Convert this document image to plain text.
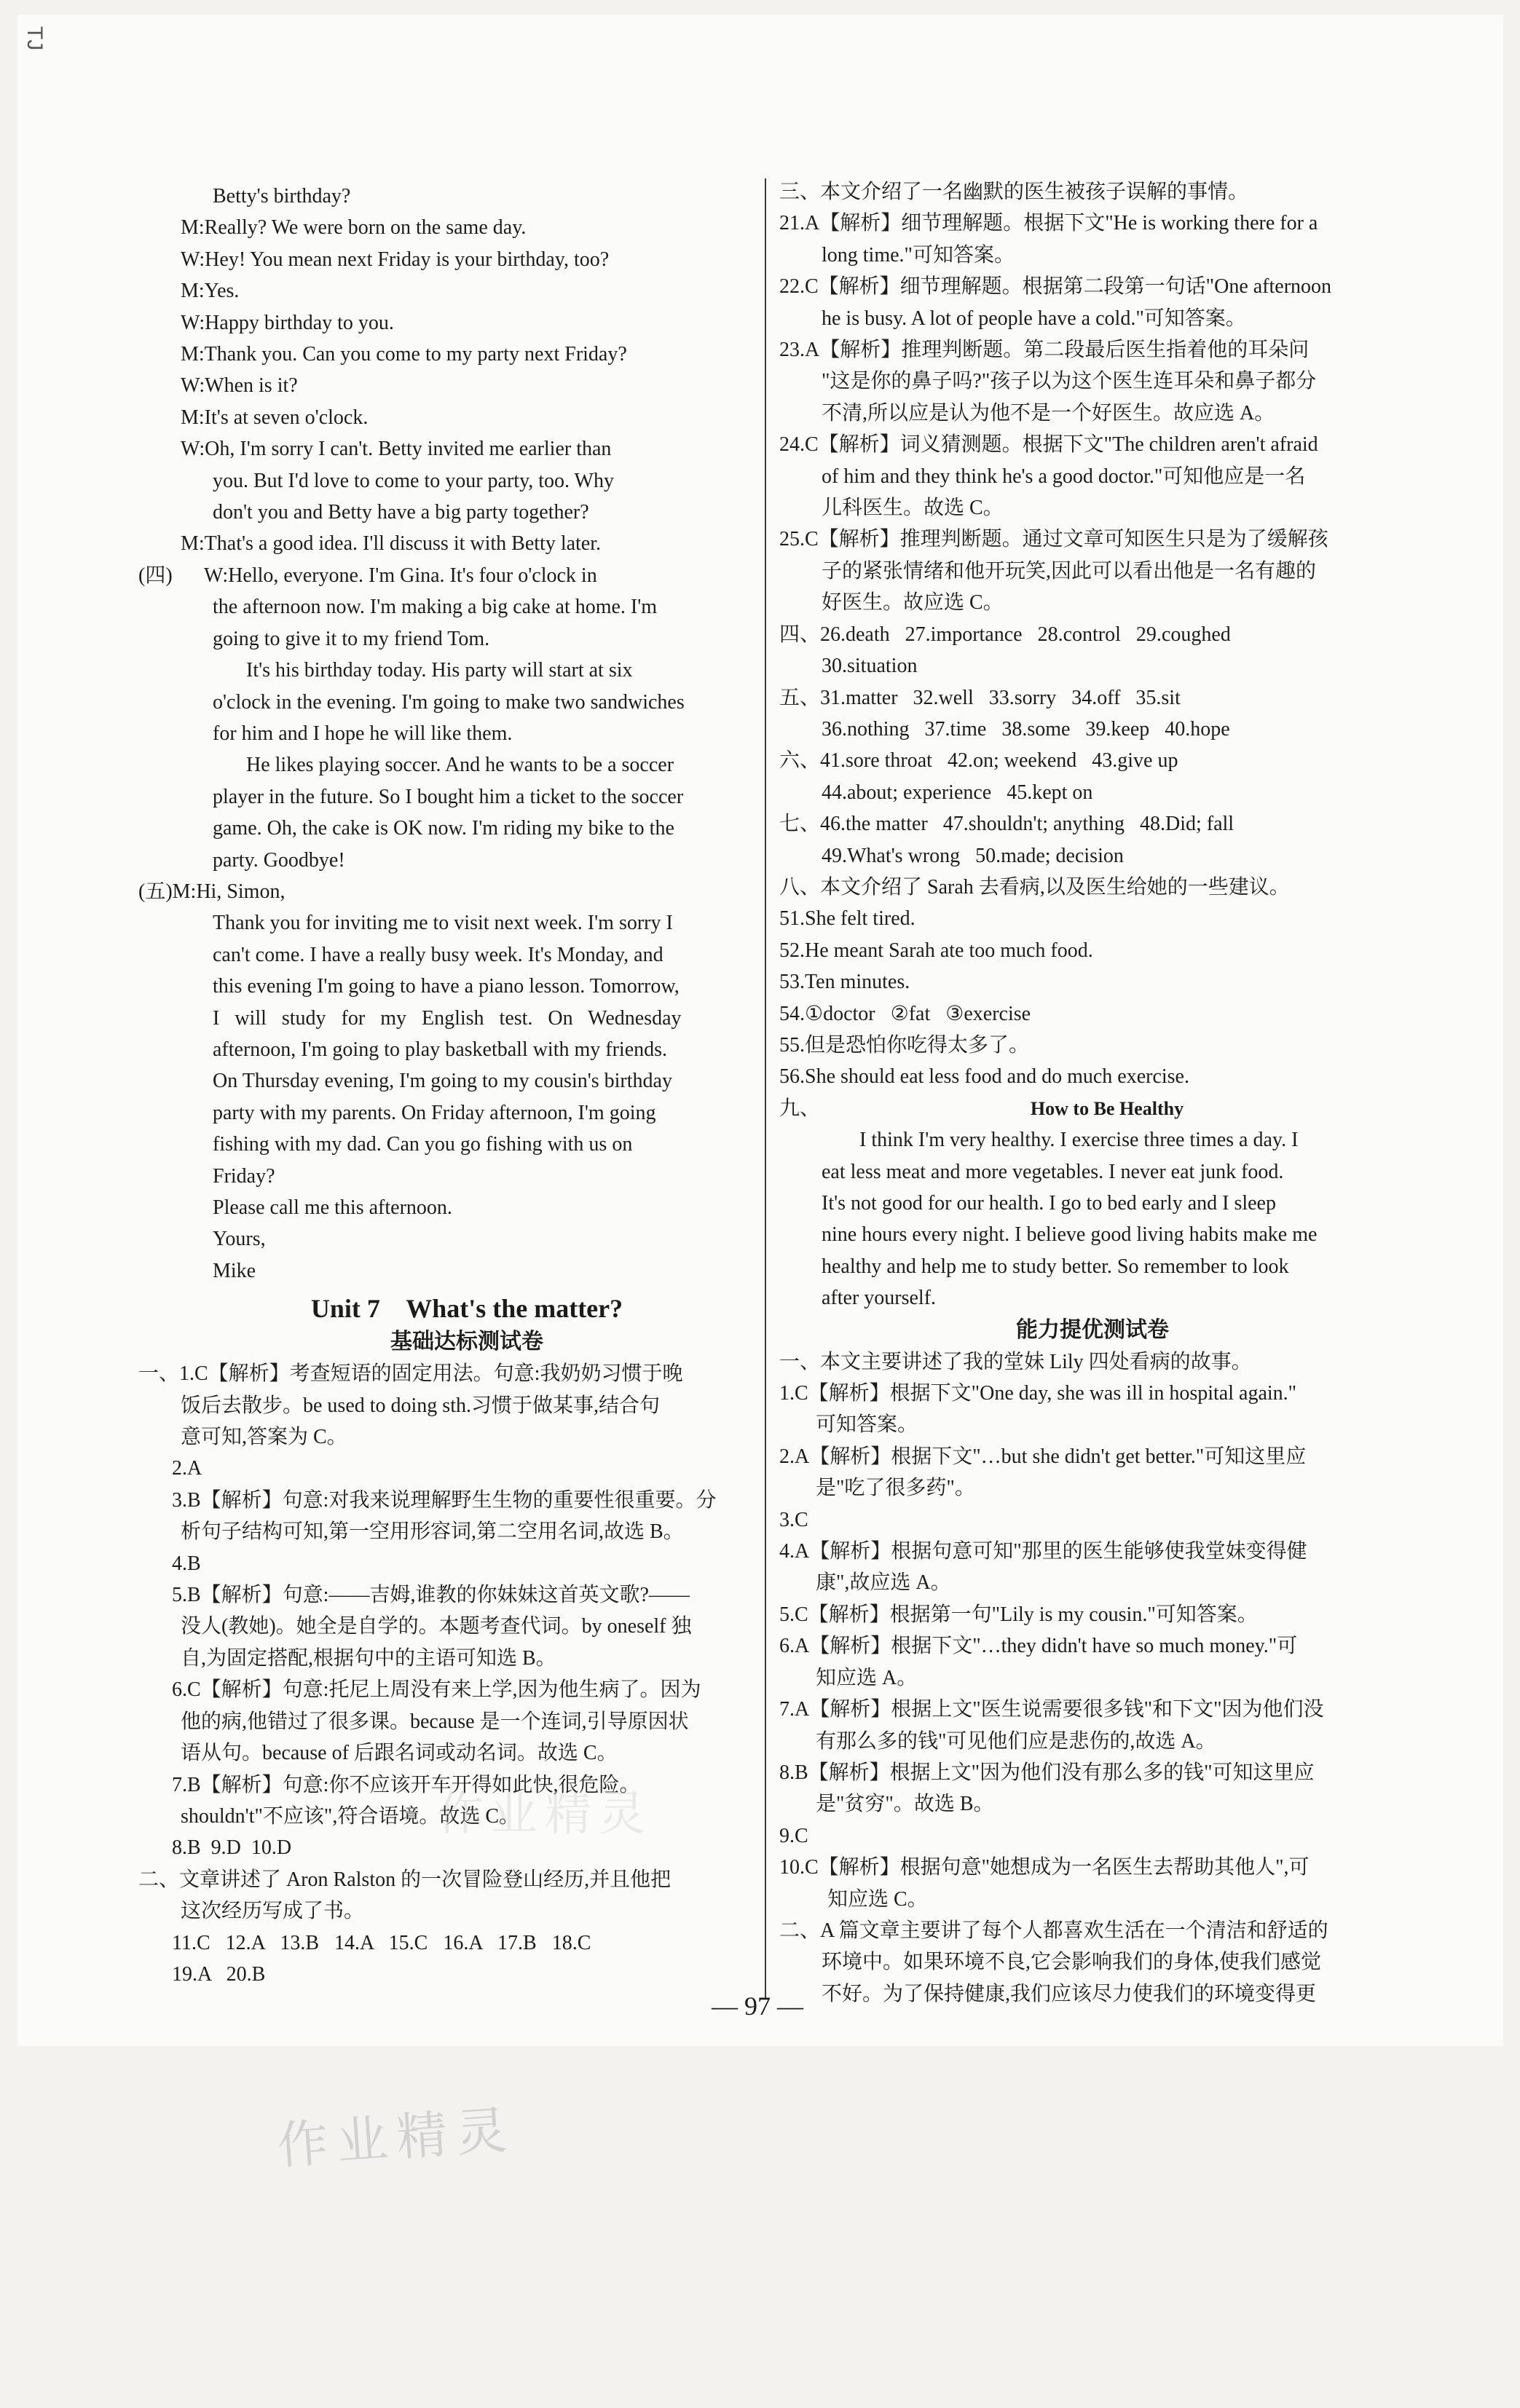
TJ
Betty's birthday?
M:Really? We were born on the same day.
W:Hey! You mean next Friday is your birthday, too?
M:Yes.
W:Happy birthday to you.
M:Thank you. Can you come to my party next Friday?
W:When is it?
M:It's at seven o'clock.
W:Oh, I'm sorry I can't. Betty invited me earlier than
you. But I'd love to come to your party, too. Why
don't you and Betty have a big party together?
M:That's a good idea. I'll discuss it with Betty later.
(四) W:Hello, everyone. I'm Gina. It's four o'clock in
the afternoon now. I'm making a big cake at home. I'm
going to give it to my friend Tom.
It's his birthday today. His party will start at six
o'clock in the evening. I'm going to make two sandwiches
for him and I hope he will like them.
He likes playing soccer. And he wants to be a soccer
player in the future. So I bought him a ticket to the soccer
game. Oh, the cake is OK now. I'm riding my bike to the
party. Goodbye!
(五)M:Hi, Simon,
Thank you for inviting me to visit next week. I'm sorry I
can't come. I have a really busy week. It's Monday, and
this evening I'm going to have a piano lesson. Tomorrow,
I   will   study   for   my   English   test.   On   Wednesday
afternoon, I'm going to play basketball with my friends.
On Thursday evening, I'm going to my cousin's birthday
party with my parents. On Friday afternoon, I'm going
fishing with my dad. Can you go fishing with us on
Friday?
Please call me this afternoon.
Yours,
Mike
Unit 7    What's the matter?
基础达标测试卷
一、1.C【解析】考查短语的固定用法。句意:我奶奶习惯于晚
饭后去散步。be used to doing sth.习惯于做某事,结合句
意可知,答案为 C。
2.A
3.B【解析】句意:对我来说理解野生生物的重要性很重要。分
析句子结构可知,第一空用形容词,第二空用名词,故选 B。
4.B
5.B【解析】句意:——吉姆,谁教的你妹妹这首英文歌?——
没人(教她)。她全是自学的。本题考查代词。by oneself 独
自,为固定搭配,根据句中的主语可知选 B。
6.C【解析】句意:托尼上周没有来上学,因为他生病了。因为
他的病,他错过了很多课。because 是一个连词,引导原因状
语从句。because of 后跟名词或动名词。故选 C。
7.B【解析】句意:你不应该开车开得如此快,很危险。
shouldn't"不应该",符合语境。故选 C。
8.B  9.D  10.D
二、文章讲述了 Aron Ralston 的一次冒险登山经历,并且他把
这次经历写成了书。
11.C   12.A   13.B   14.A   15.C   16.A   17.B   18.C
19.A   20.B
三、本文介绍了一名幽默的医生被孩子误解的事情。
21.A【解析】细节理解题。根据下文"He is working there for a
long time."可知答案。
22.C【解析】细节理解题。根据第二段第一句话"One afternoon
he is busy. A lot of people have a cold."可知答案。
23.A【解析】推理判断题。第二段最后医生指着他的耳朵问
"这是你的鼻子吗?"孩子以为这个医生连耳朵和鼻子都分
不清,所以应是认为他不是一个好医生。故应选 A。
24.C【解析】词义猜测题。根据下文"The children aren't afraid
of him and they think he's a good doctor."可知他应是一名
儿科医生。故选 C。
25.C【解析】推理判断题。通过文章可知医生只是为了缓解孩
子的紧张情绪和他开玩笑,因此可以看出他是一名有趣的
好医生。故应选 C。
四、26.death   27.importance   28.control   29.coughed
30.situation
五、31.matter   32.well   33.sorry   34.off   35.sit
36.nothing   37.time   38.some   39.keep   40.hope
六、41.sore throat   42.on; weekend   43.give up
44.about; experience   45.kept on
七、46.the matter   47.shouldn't; anything   48.Did; fall
49.What's wrong   50.made; decision
八、本文介绍了 Sarah 去看病,以及医生给她的一些建议。
51.She felt tired.
52.He meant Sarah ate too much food.
53.Ten minutes.
54.①doctor   ②fat   ③exercise
55.但是恐怕你吃得太多了。
56.She should eat less food and do much exercise.
九、	How to Be Healthy
I think I'm very healthy. I exercise three times a day. I
eat less meat and more vegetables. I never eat junk food.
It's not good for our health. I go to bed early and I sleep
nine hours every night. I believe good living habits make me
healthy and help me to study better. So remember to look
after yourself.
能力提优测试卷
一、本文主要讲述了我的堂妹 Lily 四处看病的故事。
1.C【解析】根据下文"One day, she was ill in hospital again."
可知答案。
2.A【解析】根据下文"…but she didn't get better."可知这里应
是"吃了很多药"。
3.C
4.A【解析】根据句意可知"那里的医生能够使我堂妹变得健
康",故应选 A。
5.C【解析】根据第一句"Lily is my cousin."可知答案。
6.A【解析】根据下文"…they didn't have so much money."可
知应选 A。
7.A【解析】根据上文"医生说需要很多钱"和下文"因为他们没
有那么多的钱"可见他们应是悲伤的,故选 A。
8.B【解析】根据上文"因为他们没有那么多的钱"可知这里应
是"贫穷"。故选 B。
9.C
10.C【解析】根据句意"她想成为一名医生去帮助其他人",可
知应选 C。
二、A 篇文章主要讲了每个人都喜欢生活在一个清洁和舒适的
环境中。如果环境不良,它会影响我们的身体,使我们感觉
不好。为了保持健康,我们应该尽力使我们的环境变得更
— 97 —
作业精灵
作业精灵
